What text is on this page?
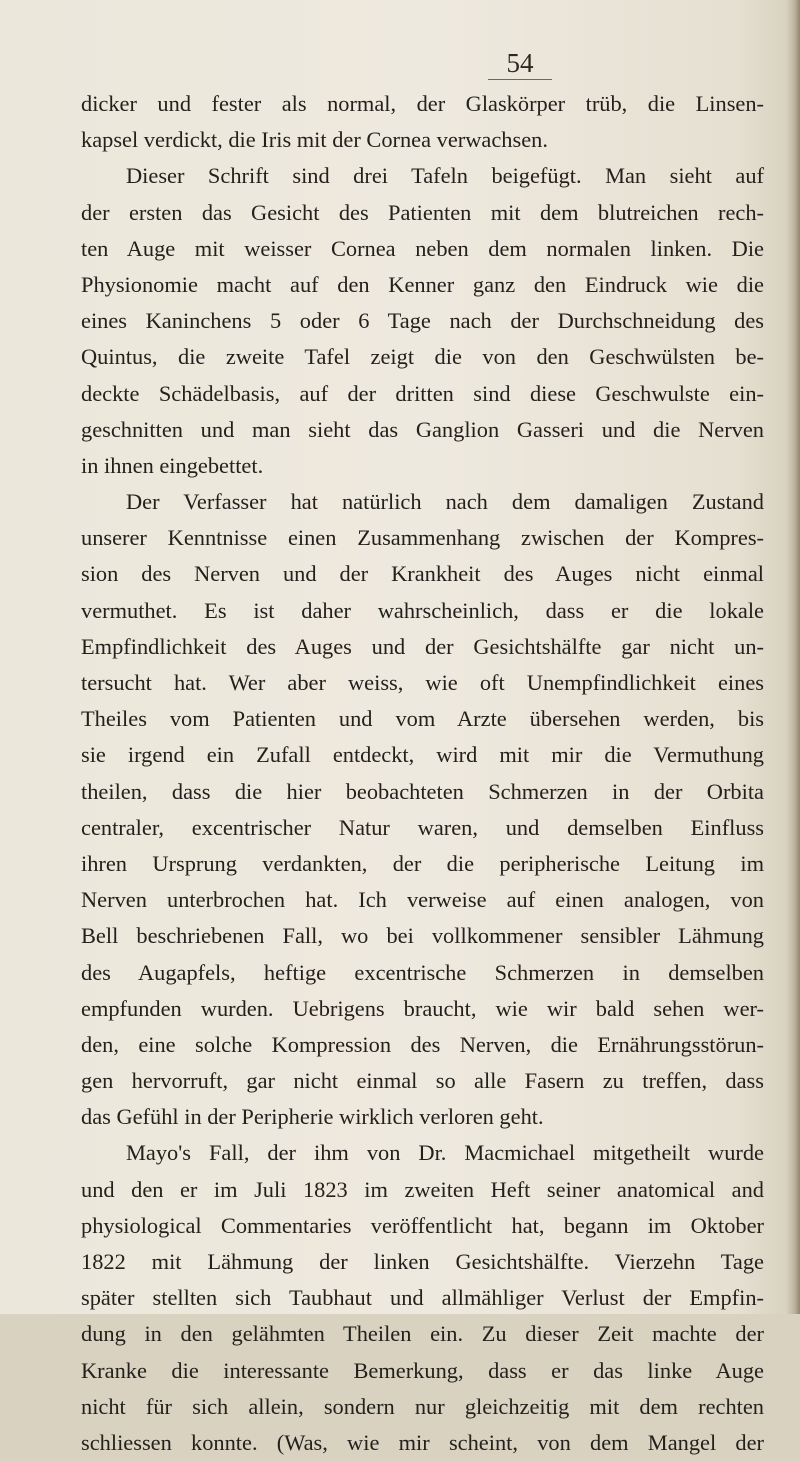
54
dicker und fester als normal, der Glaskörper trüb, die Linsen-
kapsel verdickt, die Iris mit der Cornea verwachsen.
Dieser Schrift sind drei Tafeln beigefügt. Man sieht auf
der ersten das Gesicht des Patienten mit dem blutreichen rech-
ten Auge mit weisser Cornea neben dem normalen linken. Die
Physionomie macht auf den Kenner ganz den Eindruck wie die
eines Kaninchens 5 oder 6 Tage nach der Durchschneidung des
Quintus, die zweite Tafel zeigt die von den Geschwülsten be-
deckte Schädelbasis, auf der dritten sind diese Geschwulste ein-
geschnitten und man sieht das Ganglion Gasseri und die Nerven
in ihnen eingebettet.
Der Verfasser hat natürlich nach dem damaligen Zustand
unserer Kenntnisse einen Zusammenhang zwischen der Kompres-
sion des Nerven und der Krankheit des Auges nicht einmal
vermuthet. Es ist daher wahrscheinlich, dass er die lokale
Empfindlichkeit des Auges und der Gesichtshälfte gar nicht un-
tersucht hat. Wer aber weiss, wie oft Unempfindlichkeit eines
Theiles vom Patienten und vom Arzte übersehen werden, bis
sie irgend ein Zufall entdeckt, wird mit mir die Vermuthung
theilen, dass die hier beobachteten Schmerzen in der Orbita
centraler, excentrischer Natur waren, und demselben Einfluss
ihren Ursprung verdankten, der die peripherische Leitung im
Nerven unterbrochen hat. Ich verweise auf einen analogen, von
Bell beschriebenen Fall, wo bei vollkommener sensibler Lähmung
des Augapfels, heftige excentrische Schmerzen in demselben
empfunden wurden. Uebrigens braucht, wie wir bald sehen wer-
den, eine solche Kompression des Nerven, die Ernährungsstörun-
gen hervorruft, gar nicht einmal so alle Fasern zu treffen, dass
das Gefühl in der Peripherie wirklich verloren geht.
Mayo's Fall, der ihm von Dr. Macmichael mitgetheilt wurde
und den er im Juli 1823 im zweiten Heft seiner anatomical and
physiological Commentaries veröffentlicht hat, begann im Oktober
1822 mit Lähmung der linken Gesichtshälfte. Vierzehn Tage
später stellten sich Taubhaut und allmähliger Verlust der Empfin-
dung in den gelähmten Theilen ein. Zu dieser Zeit machte der
Kranke die interessante Bemerkung, dass er das linke Auge
nicht für sich allein, sondern nur gleichzeitig mit dem rechten
schliessen konnte. (Was, wie mir scheint, von dem Mangel der
